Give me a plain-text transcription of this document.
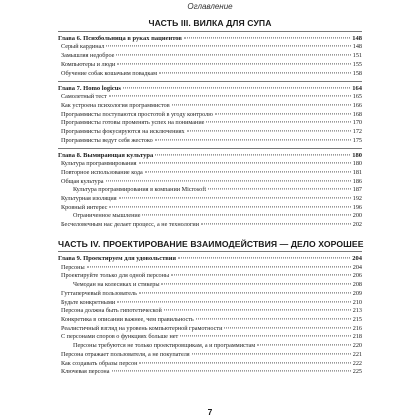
Оглавление
ЧАСТЬ III. ВИЛКА ДЛЯ СУПА
Глава 6. Психбольница в руках пациентов	148
Серый кардинал	148
Замышляя недоброе	151
Компьютеры и люди	155
Обучение собак кошачьим повадкам	158
Глава 7. Homo logicus	164
Самолетный тест	165
Как устроена психология программистов	166
Программисты поступаются простотой в угоду контролю	168
Программисты готовы променять успех на понимание	170
Программисты фокусируются на исключениях	172
Программисты ведут себя жестоко	175
Глава 8. Вымирающая культура	180
Культура программирования	180
Повторное использование кода	181
Общая культура	186
Культура программирования в компании Microsoft	187
Культурная изоляция	192
Кровный интерес	196
Ограниченное мышление	200
Бесчеловечным нас делает процесс, а не технологии	202
ЧАСТЬ IV. ПРОЕКТИРОВАНИЕ ВЗАИМОДЕЙСТВИЯ — ДЕЛО ХОРОШЕЕ
Глава 9. Проектируем для удовольствия	204
Персоны	204
Проектируйте только для одной персоны	206
Чемодан на колесиках и стикеры	208
Гуттаперчевый пользователь	209
Будьте конкретными	210
Персона должна быть гипотетической	213
Конкретика в описании важнее, чем правильность	215
Реалистичный взгляд на уровень компьютерной грамотности	216
С персонами споров о функциях больше нет	218
Персоны требуются не только проектировщикам, а и программистам	220
Персона отражает пользователя, а не покупателя	221
Как создавать образы персон	222
Ключевая персона	225
7
